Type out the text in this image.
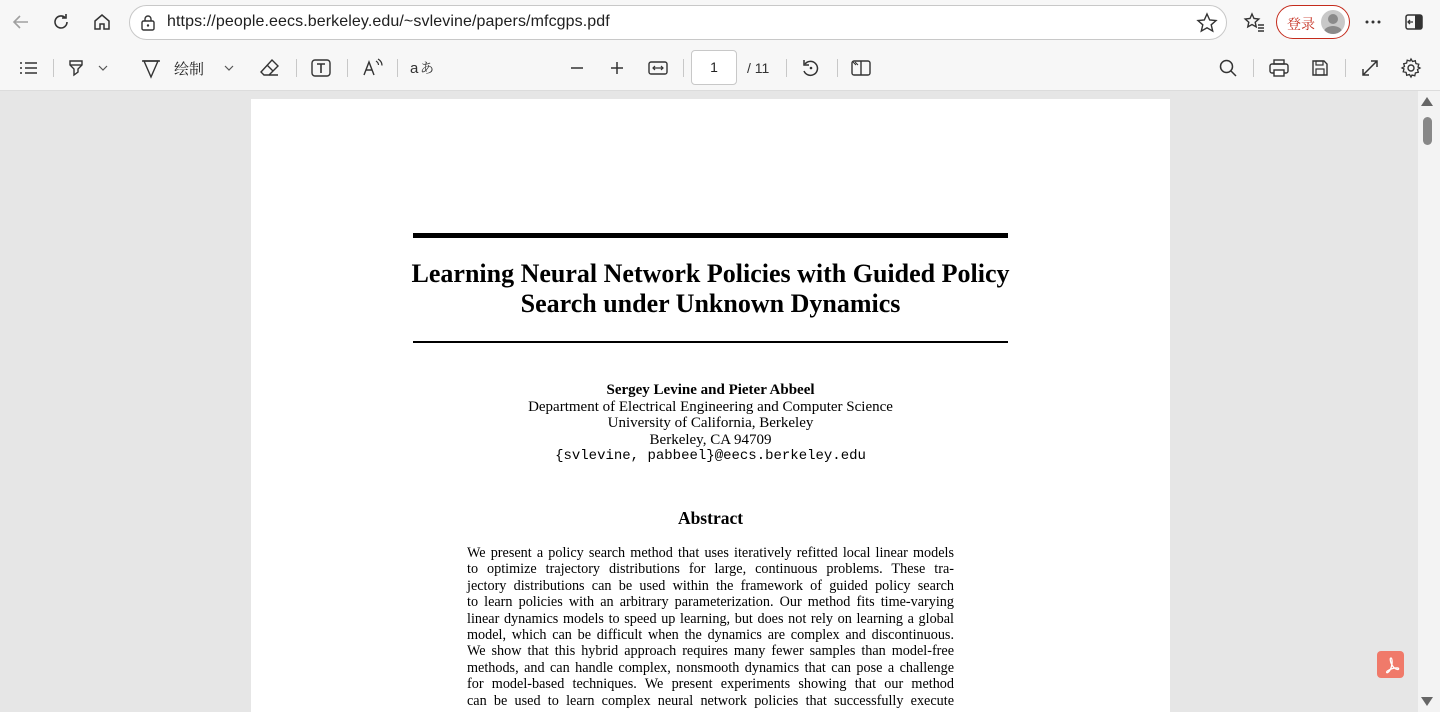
https://people.eecs.berkeley.edu/~svlevine/papers/mfcgps.pdf	登录
绘制	a あ	1	/ 11
Learning Neural Network Policies with Guided Policy
Search under Unknown Dynamics
Sergey Levine and Pieter Abbeel
Department of Electrical Engineering and Computer Science
University of California, Berkeley
Berkeley, CA 94709
{svlevine, pabbeel}@eecs.berkeley.edu
Abstract
We present a policy search method that uses iteratively refitted local linear models
to optimize trajectory distributions for large, continuous problems. These tra-
jectory distributions can be used within the framework of guided policy search
to learn policies with an arbitrary parameterization. Our method fits time-varying
linear dynamics models to speed up learning, but does not rely on learning a global
model, which can be difficult when the dynamics are complex and discontinuous.
We show that this hybrid approach requires many fewer samples than model-free
methods, and can handle complex, nonsmooth dynamics that can pose a challenge
for model-based techniques. We present experiments showing that our method
can be used to learn complex neural network policies that successfully execute
